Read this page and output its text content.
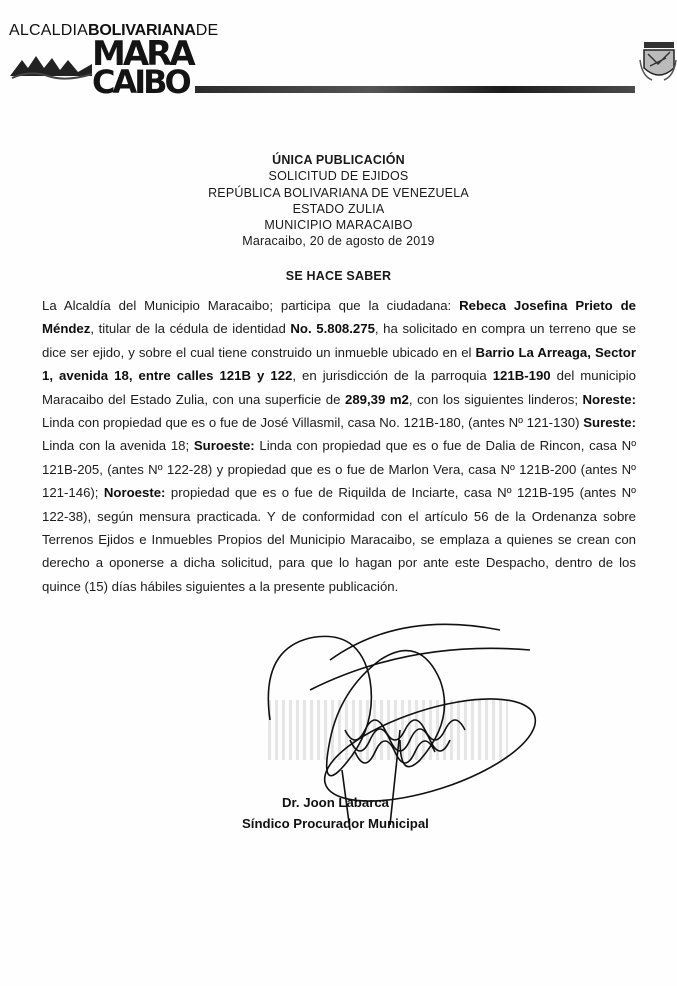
ALCALDIABOLIVARIANADE
MARA
CAIBO
ÚNICA PUBLICACIÓN
SOLICITUD DE EJIDOS
REPÚBLICA BOLIVARIANA DE VENEZUELA
ESTADO ZULIA
MUNICIPIO MARACAIBO
Maracaibo, 20 de agosto de 2019
SE HACE SABER
La Alcaldía del Municipio Maracaibo; participa que la ciudadana: Rebeca Josefina Prieto de Méndez, titular de la cédula de identidad No. 5.808.275, ha solicitado en compra un terreno que se dice ser ejido, y sobre el cual tiene construido un inmueble ubicado en el Barrio La Arreaga, Sector 1, avenida 18, entre calles 121B y 122, en jurisdicción de la parroquia 121B-190 del municipio Maracaibo del Estado Zulia, con una superficie de 289,39 m2, con los siguientes linderos; Noreste: Linda con propiedad que es o fue de José Villasmil, casa No. 121B-180, (antes Nº 121-130) Sureste: Linda con la avenida 18; Suroeste: Linda con propiedad que es o fue de Dalia de Rincon, casa Nº 121B-205, (antes Nº 122-28) y propiedad que es o fue de Marlon Vera, casa Nº 121B-200 (antes Nº 121-146); Noroeste: propiedad que es o fue de Riquilda de Inciarte, casa Nº 121B-195 (antes Nº 122-38), según mensura practicada. Y de conformidad con el artículo 56 de la Ordenanza sobre Terrenos Ejidos e Inmuebles Propios del Municipio Maracaibo, se emplaza a quienes se crean con derecho a oponerse a dicha solicitud, para que lo hagan por ante este Despacho, dentro de los quince (15) días hábiles siguientes a la presente publicación.
Dr. Joon Labarca
Síndico Procurador Municipal
